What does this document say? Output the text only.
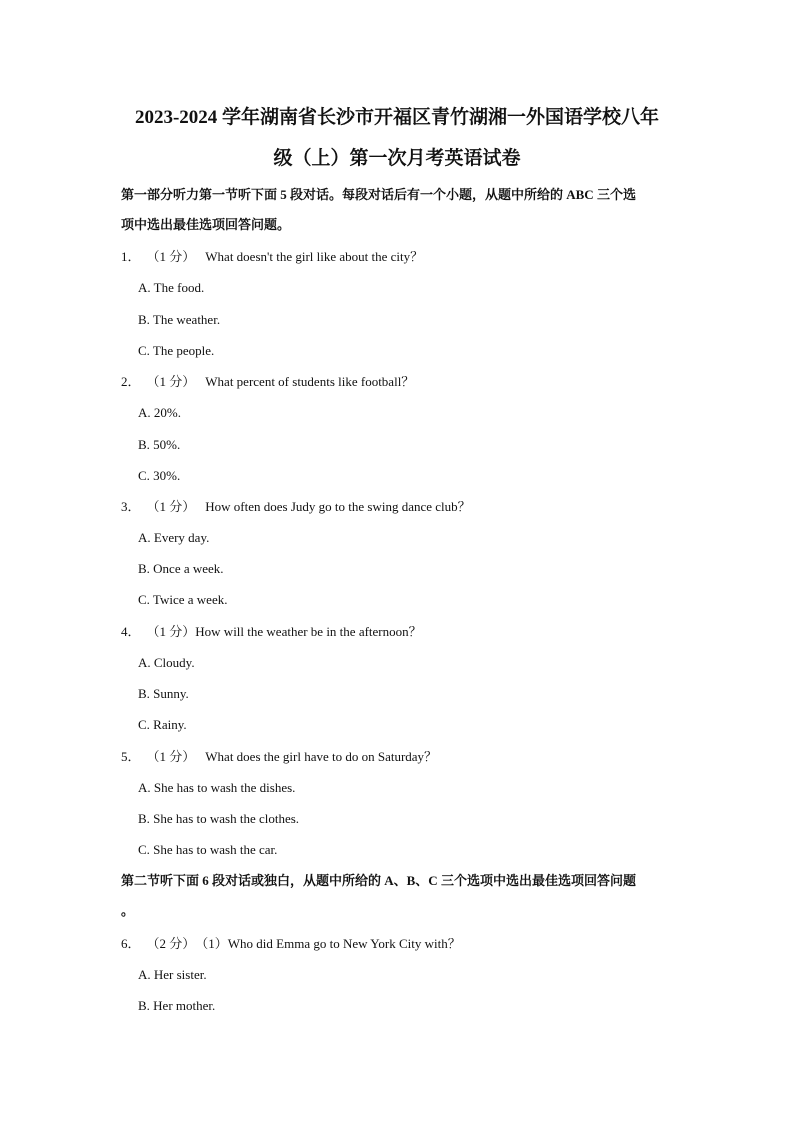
2023-2024 学年湖南省长沙市开福区青竹湖湘一外国语学校八年
级（上）第一次月考英语试卷
第一部分听力第一节听下面 5 段对话。每段对话后有一个小题，从题中所给的 ABC 三个选
项中选出最佳选项回答问题。
1． （1 分） What doesn't the girl like about the city？
A. The food.
B. The weather.
C. The people.
2． （1 分） What percent of students like football？
A. 20%.
B. 50%.
C. 30%.
3． （1 分） How often does Judy go to the swing dance club？
A. Every day.
B. Once a week.
C. Twice a week.
4． （1 分）How will the weather be in the afternoon？
A. Cloudy.
B. Sunny.
C. Rainy.
5． （1 分） What does the girl have to do on Saturday？
A. She has to wash the dishes.
B. She has to wash the clothes.
C. She has to wash the car.
第二节听下面 6 段对话或独白，从题中所给的 A、B、C 三个选项中选出最佳选项回答问题
。
6． （2 分）（1）Who did Emma go to New York City with？
A. Her sister.
B. Her mother.
